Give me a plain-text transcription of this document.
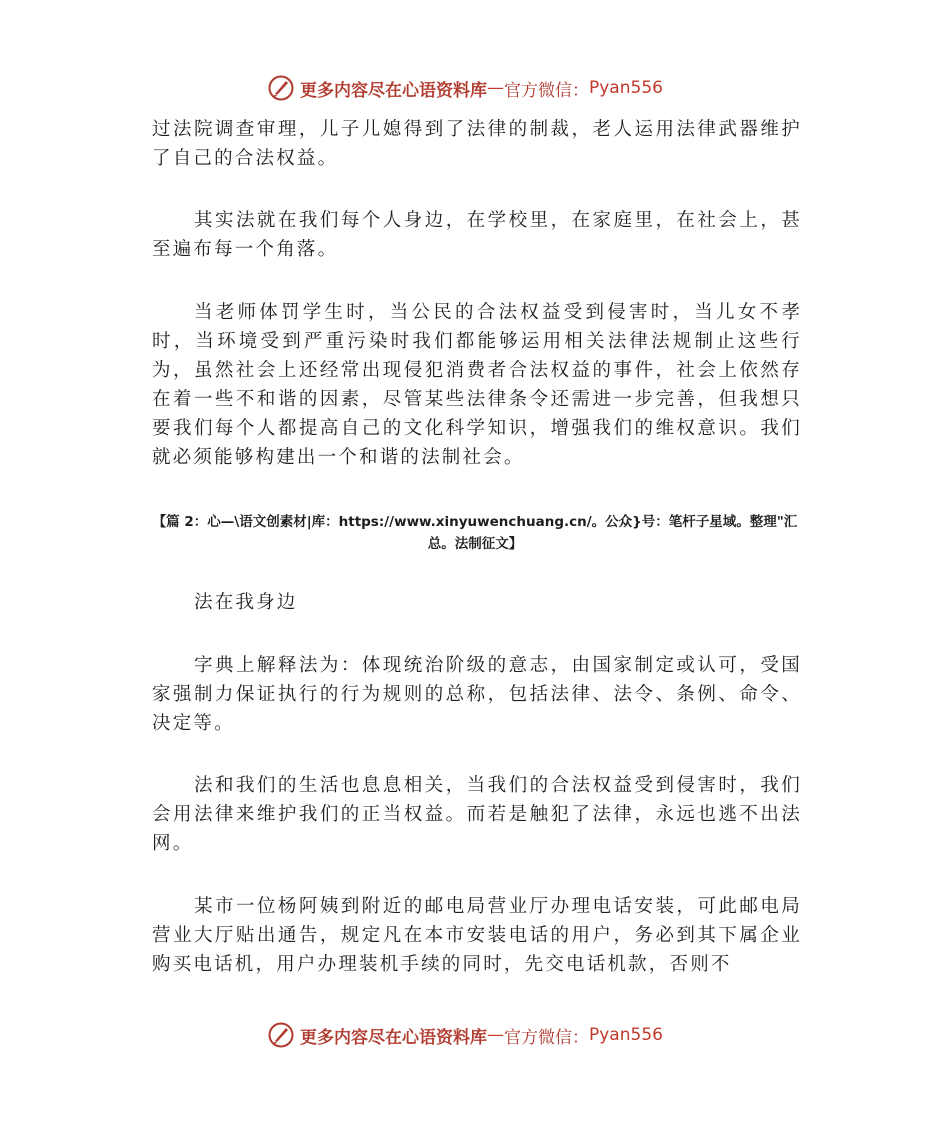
更多内容尽在心语资料库 — 官方微信： Pyan556

过法院调查审理，儿子儿媳得到了法律的制裁，老人运用法律武器维护了自己的合法权益。

其实法就在我们每个人身边，在学校里，在家庭里，在社会上，甚至遍布每一个角落。

当老师体罚学生时，当公民的合法权益受到侵害时，当儿女不孝时，当环境受到严重污染时我们都能够运用相关法律法规制止这些行为，虽然社会上还经常出现侵犯消费者合法权益的事件，社会上依然存在着一些不和谐的因素，尽管某些法律条令还需进一步完善，但我想只要我们每个人都提高自己的文化科学知识，增强我们的维权意识。我们就必须能够构建出一个和谐的法制社会。

【篇 2：心—\语文创素材|库：https://www.xinyuwenchuang.cn/。公众}号：笔杆子星域。整理"汇
总。法制征文】

法在我身边

字典上解释法为：体现统治阶级的意志，由国家制定或认可，受国家强制力保证执行的行为规则的总称，包括法律、法令、条例、命令、决定等。

法和我们的生活也息息相关，当我们的合法权益受到侵害时，我们会用法律来维护我们的正当权益。而若是触犯了法律，永远也逃不出法网。

某市一位杨阿姨到附近的邮电局营业厅办理电话安装，可此邮电局营业大厅贴出通告，规定凡在本市安装电话的用户，务必到其下属企业购买电话机，用户办理装机手续的同时，先交电话机款，否则不

更多内容尽在心语资料库 — 官方微信： Pyan556
